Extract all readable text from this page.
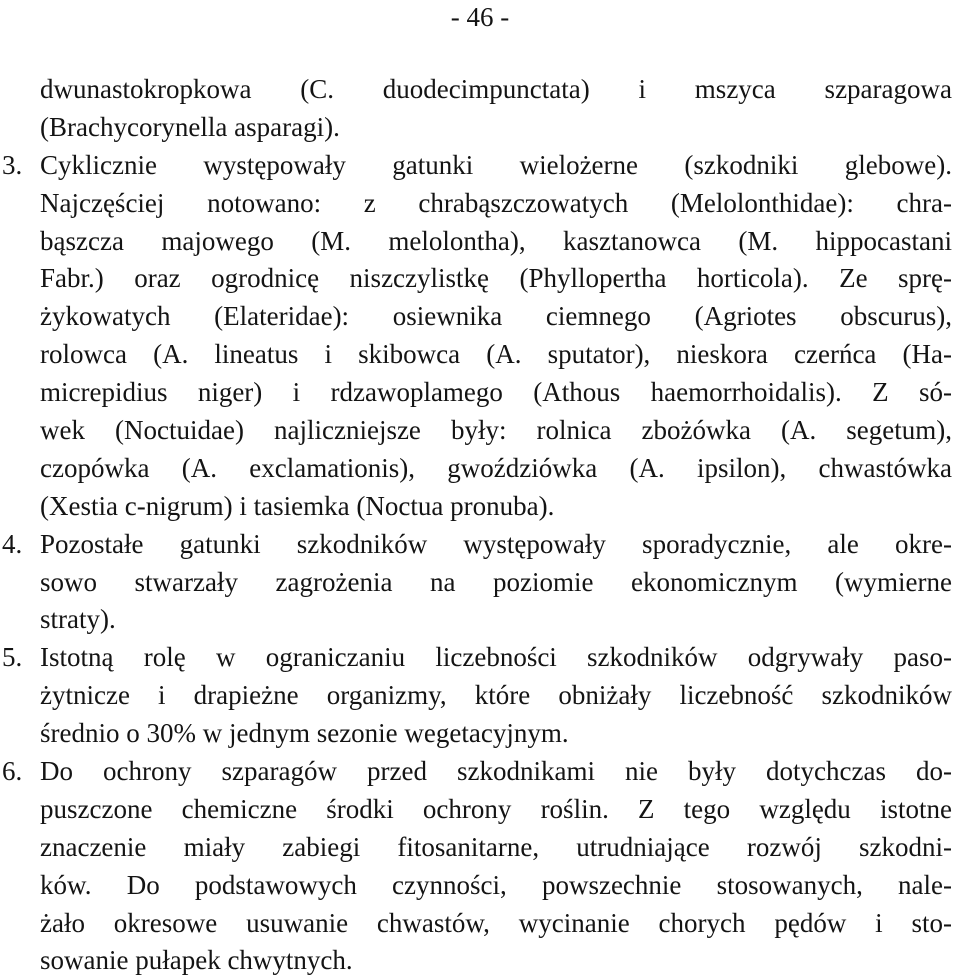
- 46 -
dwunastokropkowa (C. duodecimpunctata) i mszyca szparagowa
(Brachycorynella asparagi).
3. Cyklicznie występowały gatunki wielożerne (szkodniki glebowe).
Najczęściej notowano: z chrabąszczowatych (Melolonthidae): chra-
bąszcza majowego (M. melolontha), kasztanowca (M. hippocastani
Fabr.) oraz ogrodnicę niszczylistkę (Phyllopertha horticola). Ze sprę-
żykowatych (Elateridae): osiewnika ciemnego (Agriotes obscurus),
rolowca (A. lineatus i skibowca (A. sputator), nieskora czerńca (Ha-
micrepidius niger) i rdzawoplamego (Athous haemorrhoidalis). Z só-
wek (Noctuidae) najliczniejsze były: rolnica zbożówka (A. segetum),
czopówka (A. exclamationis), gwoździówka (A. ipsilon), chwastówka
(Xestia c-nigrum) i tasiemka (Noctua pronuba).
4. Pozostałe gatunki szkodników występowały sporadycznie, ale okre-
sowo stwarzały zagrożenia na poziomie ekonomicznym (wymierne
straty).
5. Istotną rolę w ograniczaniu liczebności szkodników odgrywały paso-
żytnicze i drapieżne organizmy, które obniżały liczebność szkodników
średnio o 30% w jednym sezonie wegetacyjnym.
6. Do ochrony szparagów przed szkodnikami nie były dotychczas do-
puszczone chemiczne środki ochrony roślin. Z tego względu istotne
znaczenie miały zabiegi fitosanitarne, utrudniające rozwój szkodni-
ków. Do podstawowych czynności, powszechnie stosowanych, nale-
żało okresowe usuwanie chwastów, wycinanie chorych pędów i sto-
sowanie pułapek chwytnych.
